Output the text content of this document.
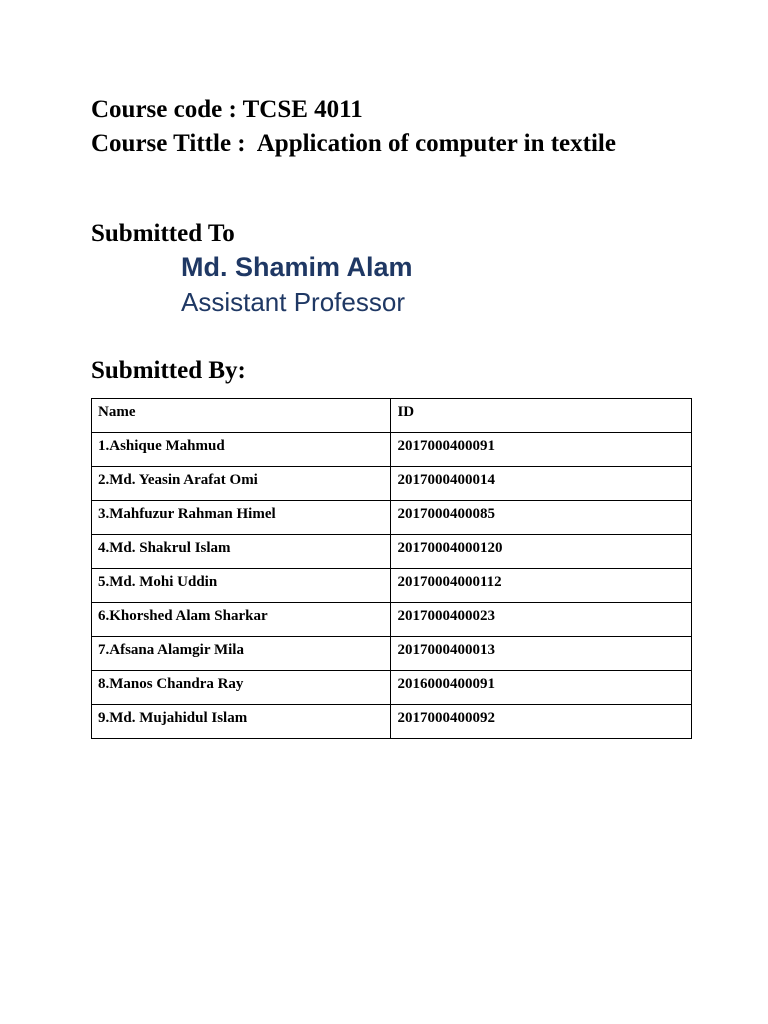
Course code : TCSE 4011
Course Tittle :  Application of computer in textile
Submitted To
Md. Shamim Alam
Assistant Professor
Submitted By:
Name	ID
1.Ashique Mahmud	2017000400091
2.Md. Yeasin Arafat Omi	2017000400014
3.Mahfuzur Rahman Himel	2017000400085
4.Md. Shakrul Islam	20170004000120
5.Md. Mohi Uddin	20170004000112
6.Khorshed Alam Sharkar	2017000400023
7.Afsana Alamgir Mila	2017000400013
8.Manos Chandra Ray	2016000400091
9.Md. Mujahidul Islam	2017000400092
